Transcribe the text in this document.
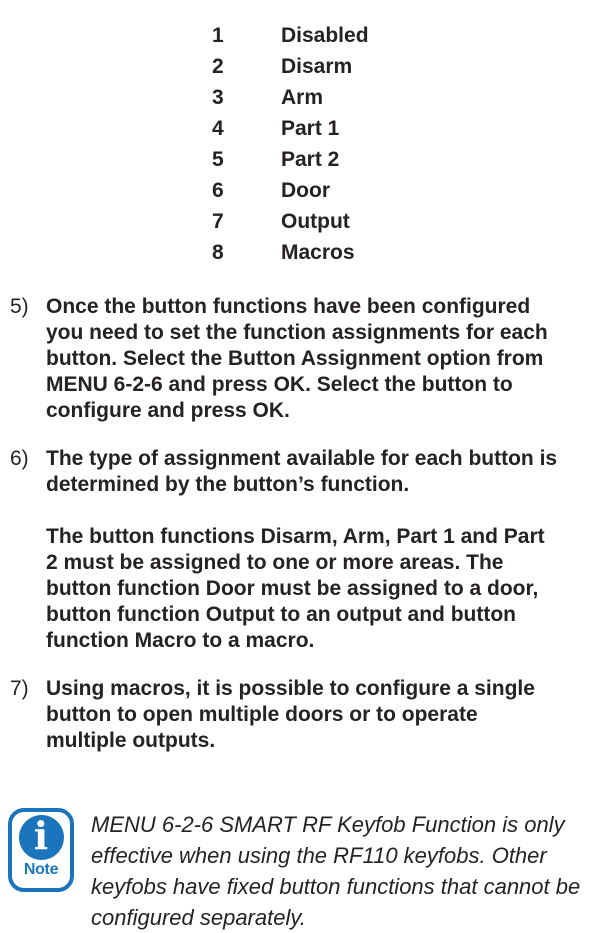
1	Disabled
2	Disarm
3	Arm
4	Part 1
5	Part 2
6	Door
7	Output
8	Macros
5) Once the button functions have been configured
you need to set the function assignments for each
button. Select the Button Assignment option from
MENU 6-2-6 and press OK. Select the button to
configure and press OK.
6) The type of assignment available for each button is
determined by the button’s function.
The button functions Disarm, Arm, Part 1 and Part
2 must be assigned to one or more areas. The
button function Door must be assigned to a door,
button function Output to an output and button
function Macro to a macro.
7) Using macros, it is possible to configure a single
button to open multiple doors or to operate
multiple outputs.
i
Note
MENU 6-2-6 SMART RF Keyfob Function is only
effective when using the RF110 keyfobs. Other
keyfobs have fixed button functions that cannot be
configured separately.
